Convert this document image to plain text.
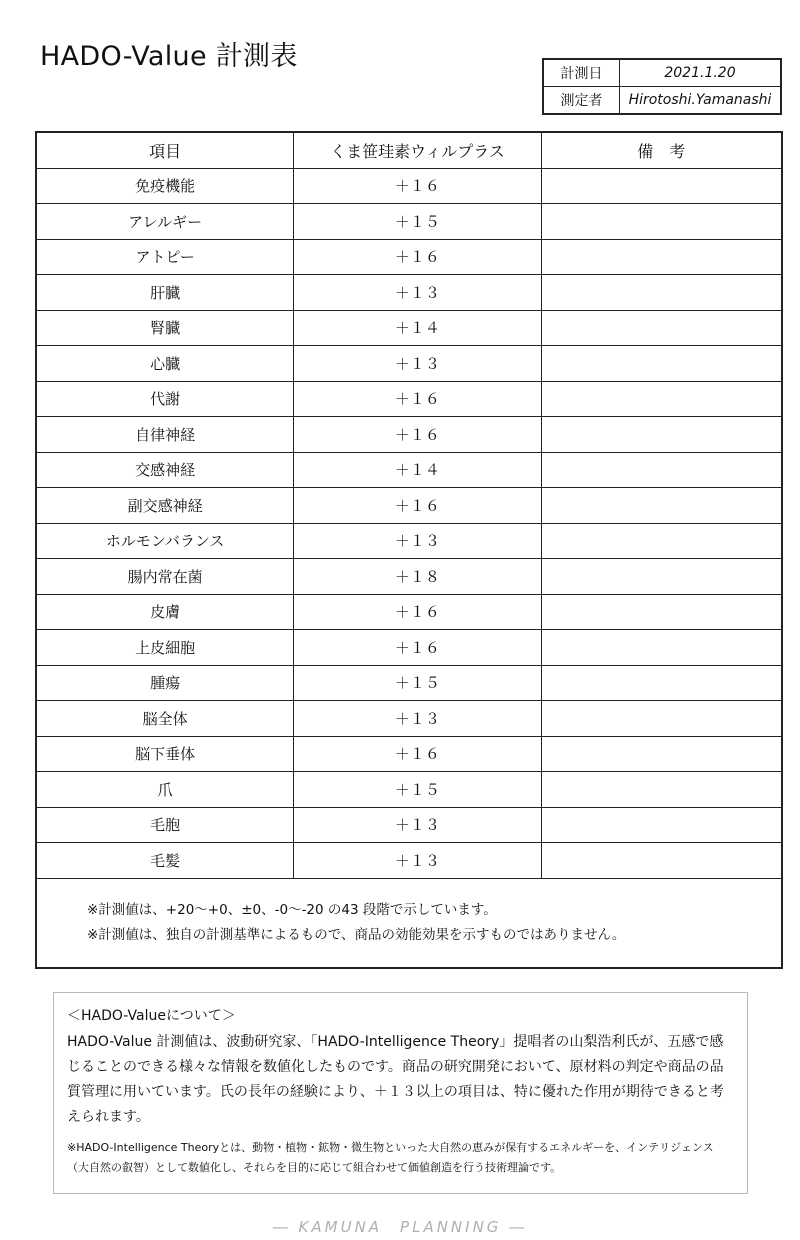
HADO-Value 計測表
計測日	2021.1.20
測定者	Hirotoshi.Yamanashi
項目	くま笹珪素ウィルプラス	備　考
免疫機能	＋１６	
アレルギー	＋１５	
アトピー	＋１６	
肝臓	＋１３	
腎臓	＋１４	
心臓	＋１３	
代謝	＋１６	
自律神経	＋１６	
交感神経	＋１４	
副交感神経	＋１６	
ホルモンバランス	＋１３	
腸内常在菌	＋１８	
皮膚	＋１６	
上皮細胞	＋１６	
腫瘍	＋１５	
脳全体	＋１３	
脳下垂体	＋１６	
爪	＋１５	
毛胞	＋１３	
毛髪	＋１３	

※計測値は、+20～+0、±0、-0～-20 の43 段階で示しています。
※計測値は、独自の計測基準によるもので、商品の効能効果を示すものではありません。		
＜HADO-Valueについて＞
HADO-Value 計測値は、波動研究家、「HADO-Intelligence Theory」提唱者の山梨浩利氏が、五感で感じることのできる様々な情報を数値化したものです。商品の研究開発において、原材料の判定や商品の品質管理に用いています。氏の長年の経験により、＋１３以上の項目は、特に優れた作用が期待できると考えられます。
※HADO-Intelligence Theoryとは、動物・植物・鉱物・微生物といった大自然の恵みが保有するエネルギーを、インテリジェンス（大自然の叡智）として数値化し、それらを目的に応じて組合わせて価値創造を行う技術理論です。
― KAMUNA　PLANNING ―
